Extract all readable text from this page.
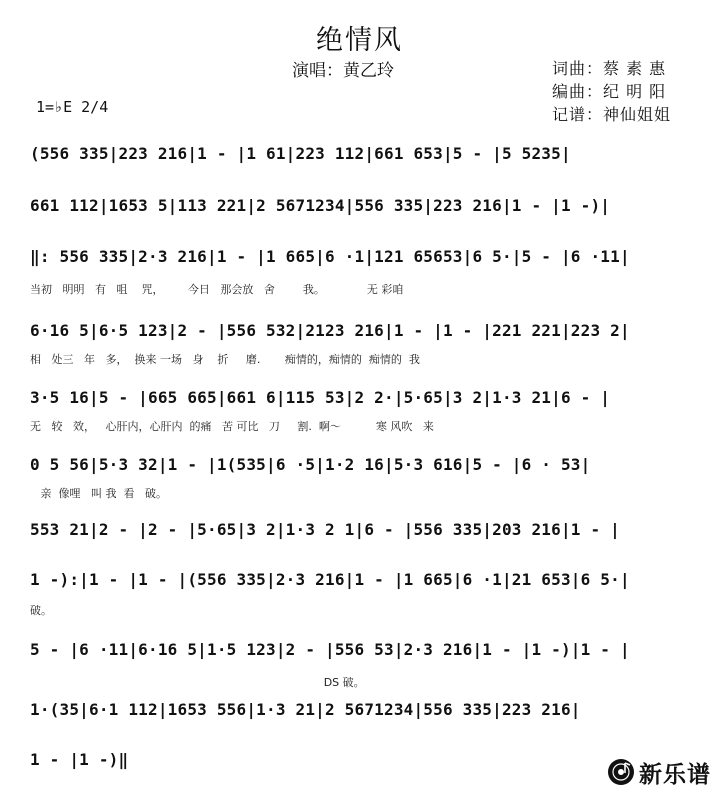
绝情风
演唱：黄乙玲	词曲：蔡 素 惠
编曲：纪 明 阳
记谱：神仙姐姐
1=♭E 2/4
(556 335|223 216|1 - |1 61|223 112|661 653|5 - |5 5235|
661 112|1653 5|113 221|2 5671234|556 335|223 216|1 - |1 -)|
‖: 556 335|2·3 216|1 - |1 665|6 ·1|121 65653|6 5·|5 - |6 ·11|
当初   明明   有   咀    咒，       今日   那会放   舍        我。            无 彩咱
6·16 5|6·5 123|2 - |556 532|2123 216|1 - |1 - |221 221|223 2|
相   处三   年   多，  换来 一场   身    折     磨.       痴情的，痴情的  痴情的  我
3·5 16|5 - |665 665|661 6|115 53|2 2·|5·65|3 2|1·3 21|6 - |
无   较   效，   心肝内，心肝内  的痛   苦 可比   刀     割.  啊～          寒 风吹   来
0 5 56|5·3 32|1 - |1(535|6 ·5|1·2 16|5·3 616|5 - |6 · 53|
亲  像哩   叫 我  看   破。
553 21|2 - |2 - |5·65|3 2|1·3 2 1|6 - |556 335|203 216|1 - |
1 -):|1 - |1 - |(556 335|2·3 216|1 - |1 665|6 ·1|21 653|6 5·|
破。
5 - |6 ·11|6·16 5|1·5 123|2 - |556 53|2·3 216|1 - |1 -)|1 - |
DS 破。
1·(35|6·1 112|1653 556|1·3 21|2 5671234|556 335|223 216|
1 - |1 -)‖
新乐谱
